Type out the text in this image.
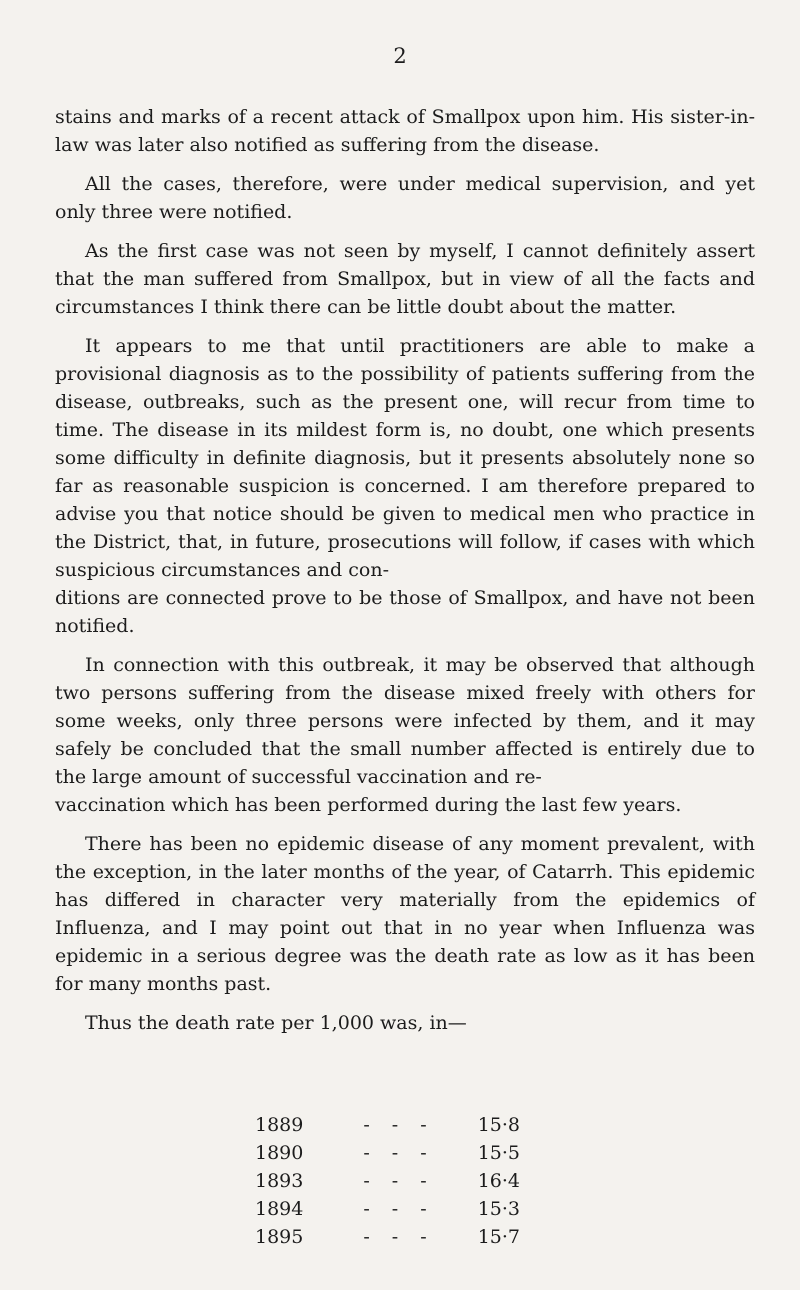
2

stains and marks of a recent attack of Smallpox upon him. His sister-in-law was later also notified as suffering from the disease.

All the cases, therefore, were under medical supervision, and yet only three were notified.

As the first case was not seen by myself, I cannot definitely assert that the man suffered from Smallpox, but in view of all the facts and circumstances I think there can be little doubt about the matter.

It appears to me that until practitioners are able to make a provisional diagnosis as to the possibility of patients suffering from the disease, outbreaks, such as the present one, will recur from time to time. The disease in its mildest form is, no doubt, one which presents some difficulty in definite diagnosis, but it presents absolutely none so far as reasonable suspicion is concerned. I am therefore prepared to advise you that notice should be given to medical men who practice in the District, that, in future, prosecutions will follow, if cases with which suspicious circumstances and con-
ditions are connected prove to be those of Smallpox, and have not been notified.

In connection with this outbreak, it may be observed that although two persons suffering from the disease mixed freely with others for some weeks, only three persons were infected by them, and it may safely be concluded that the small number affected is entirely due to the large amount of successful vaccination and re-
vaccination which has been performed during the last few years.

There has been no epidemic disease of any moment prevalent, with the exception, in the later months of the year, of Catarrh. This epidemic has differed in character very materially from the epidemics of Influenza, and I may point out that in no year when Influenza was epidemic in a serious degree was the death rate as low as it has been for many months past.

Thus the death rate per 1,000 was, in—

1889	- - -	15·8
1890	- - -	15·5
1893	- - -	16·4
1894	- - -	15·3
1895	- - -	15·7
